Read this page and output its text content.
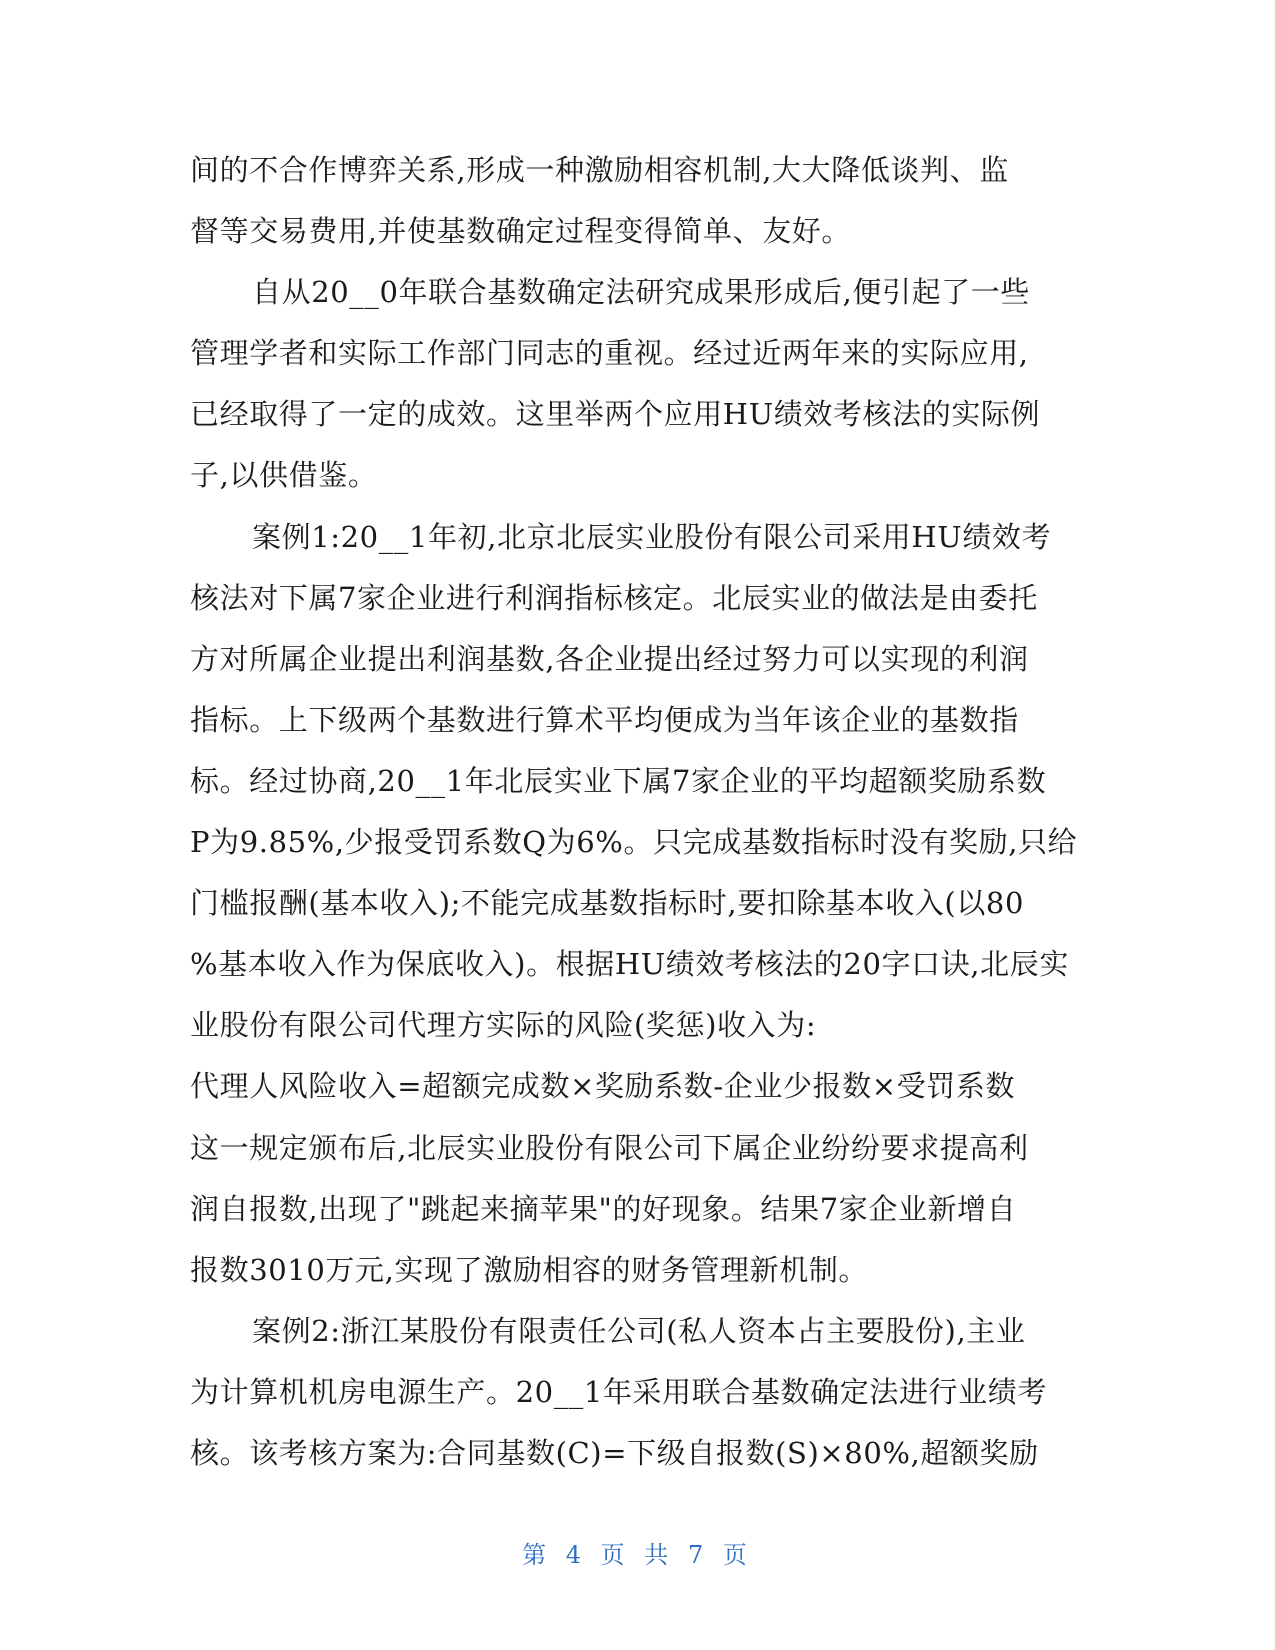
间的不合作博弈关系,形成一种激励相容机制,大大降低谈判、监
督等交易费用,并使基数确定过程变得简单、友好。
自从20__0年联合基数确定法研究成果形成后,便引起了一些
管理学者和实际工作部门同志的重视。经过近两年来的实际应用,
已经取得了一定的成效。这里举两个应用HU绩效考核法的实际例
子,以供借鉴。
案例1:20__1年初,北京北辰实业股份有限公司采用HU绩效考
核法对下属7家企业进行利润指标核定。北辰实业的做法是由委托
方对所属企业提出利润基数,各企业提出经过努力可以实现的利润
指标。上下级两个基数进行算术平均便成为当年该企业的基数指
标。经过协商,20__1年北辰实业下属7家企业的平均超额奖励系数
P为9.85%,少报受罚系数Q为6%。只完成基数指标时没有奖励,只给
门槛报酬(基本收入);不能完成基数指标时,要扣除基本收入(以80
%基本收入作为保底收入)。根据HU绩效考核法的20字口诀,北辰实
业股份有限公司代理方实际的风险(奖惩)收入为:
代理人风险收入=超额完成数×奖励系数-企业少报数×受罚系数
这一规定颁布后,北辰实业股份有限公司下属企业纷纷要求提高利
润自报数,出现了"跳起来摘苹果"的好现象。结果7家企业新增自
报数3010万元,实现了激励相容的财务管理新机制。
案例2:浙江某股份有限责任公司(私人资本占主要股份),主业
为计算机机房电源生产。20__1年采用联合基数确定法进行业绩考
核。该考核方案为:合同基数(C)=下级自报数(S)×80%,超额奖励
第 4 页 共 7 页
